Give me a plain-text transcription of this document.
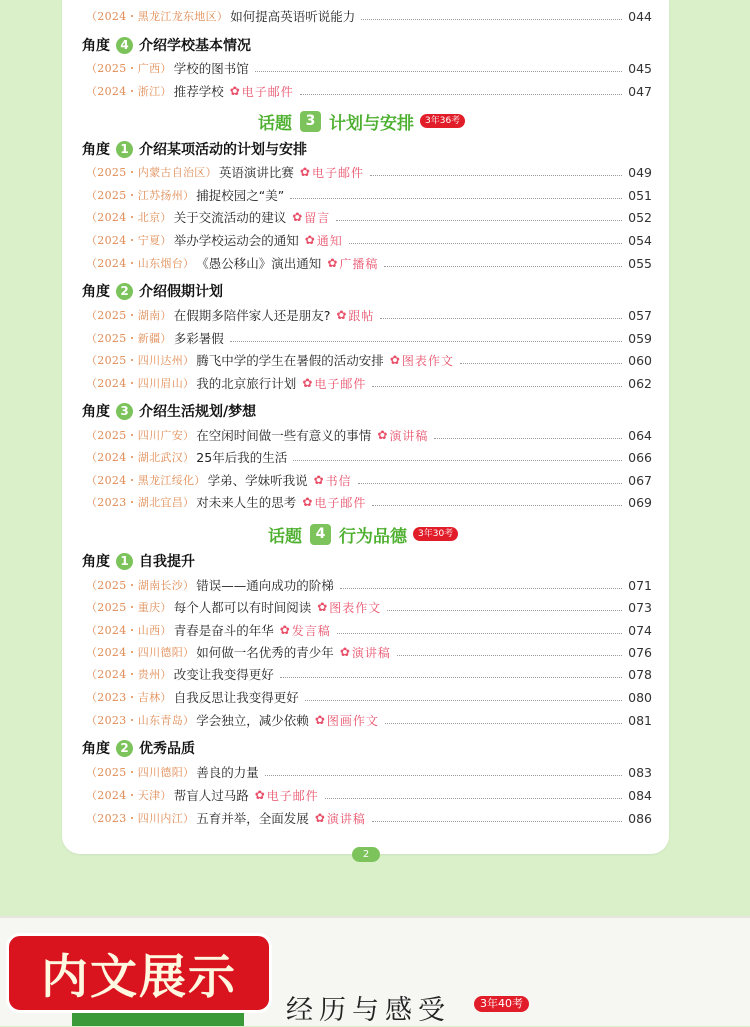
（2024・黑龙江龙东地区） 如何提高英语听说能力	044
角度 4 介绍学校基本情况
（2025・广西） 学校的图书馆	045
（2024・浙江） 推荐学校 ✿ 电子邮件	047
话题 3 计划与安排	3年36考
角度 1 介绍某项活动的计划与安排
（2025・内蒙古自治区） 英语演讲比赛 ✿ 电子邮件	049
（2025・江苏扬州） 捕捉校园之“美”	051
（2024・北京） 关于交流活动的建议 ✿ 留言	052
（2024・宁夏） 举办学校运动会的通知 ✿ 通知	054
（2024・山东烟台） 《愚公移山》演出通知 ✿ 广播稿	055
角度 2 介绍假期计划
（2025・湖南） 在假期多陪伴家人还是朋友? ✿ 跟帖	057
（2025・新疆） 多彩暑假	059
（2025・四川达州） 腾飞中学的学生在暑假的活动安排 ✿ 图表作文	060
（2024・四川眉山） 我的北京旅行计划 ✿ 电子邮件	062
角度 3 介绍生活规划/梦想
（2025・四川广安） 在空闲时间做一些有意义的事情 ✿ 演讲稿	064
（2024・湖北武汉） 25年后我的生活	066
（2024・黑龙江绥化） 学弟、学妹听我说 ✿ 书信	067
（2023・湖北宜昌） 对未来人生的思考 ✿ 电子邮件	069
话题 4 行为品德	3年30考
角度 1 自我提升
（2025・湖南长沙） 错误——通向成功的阶梯	071
（2025・重庆） 每个人都可以有时间阅读 ✿ 图表作文	073
（2024・山西） 青春是奋斗的年华 ✿ 发言稿	074
（2024・四川德阳） 如何做一名优秀的青少年 ✿ 演讲稿	076
（2024・贵州） 改变让我变得更好	078
（2023・吉林） 自我反思让我变得更好	080
（2023・山东青岛） 学会独立，减少依赖 ✿ 图画作文	081
角度 2 优秀品质
（2025・四川德阳） 善良的力量	083
（2024・天津） 帮盲人过马路 ✿ 电子邮件	084
（2023・四川内江） 五育并举，全面发展 ✿ 演讲稿	086
2
内文展示
经历与感受	3年40考
